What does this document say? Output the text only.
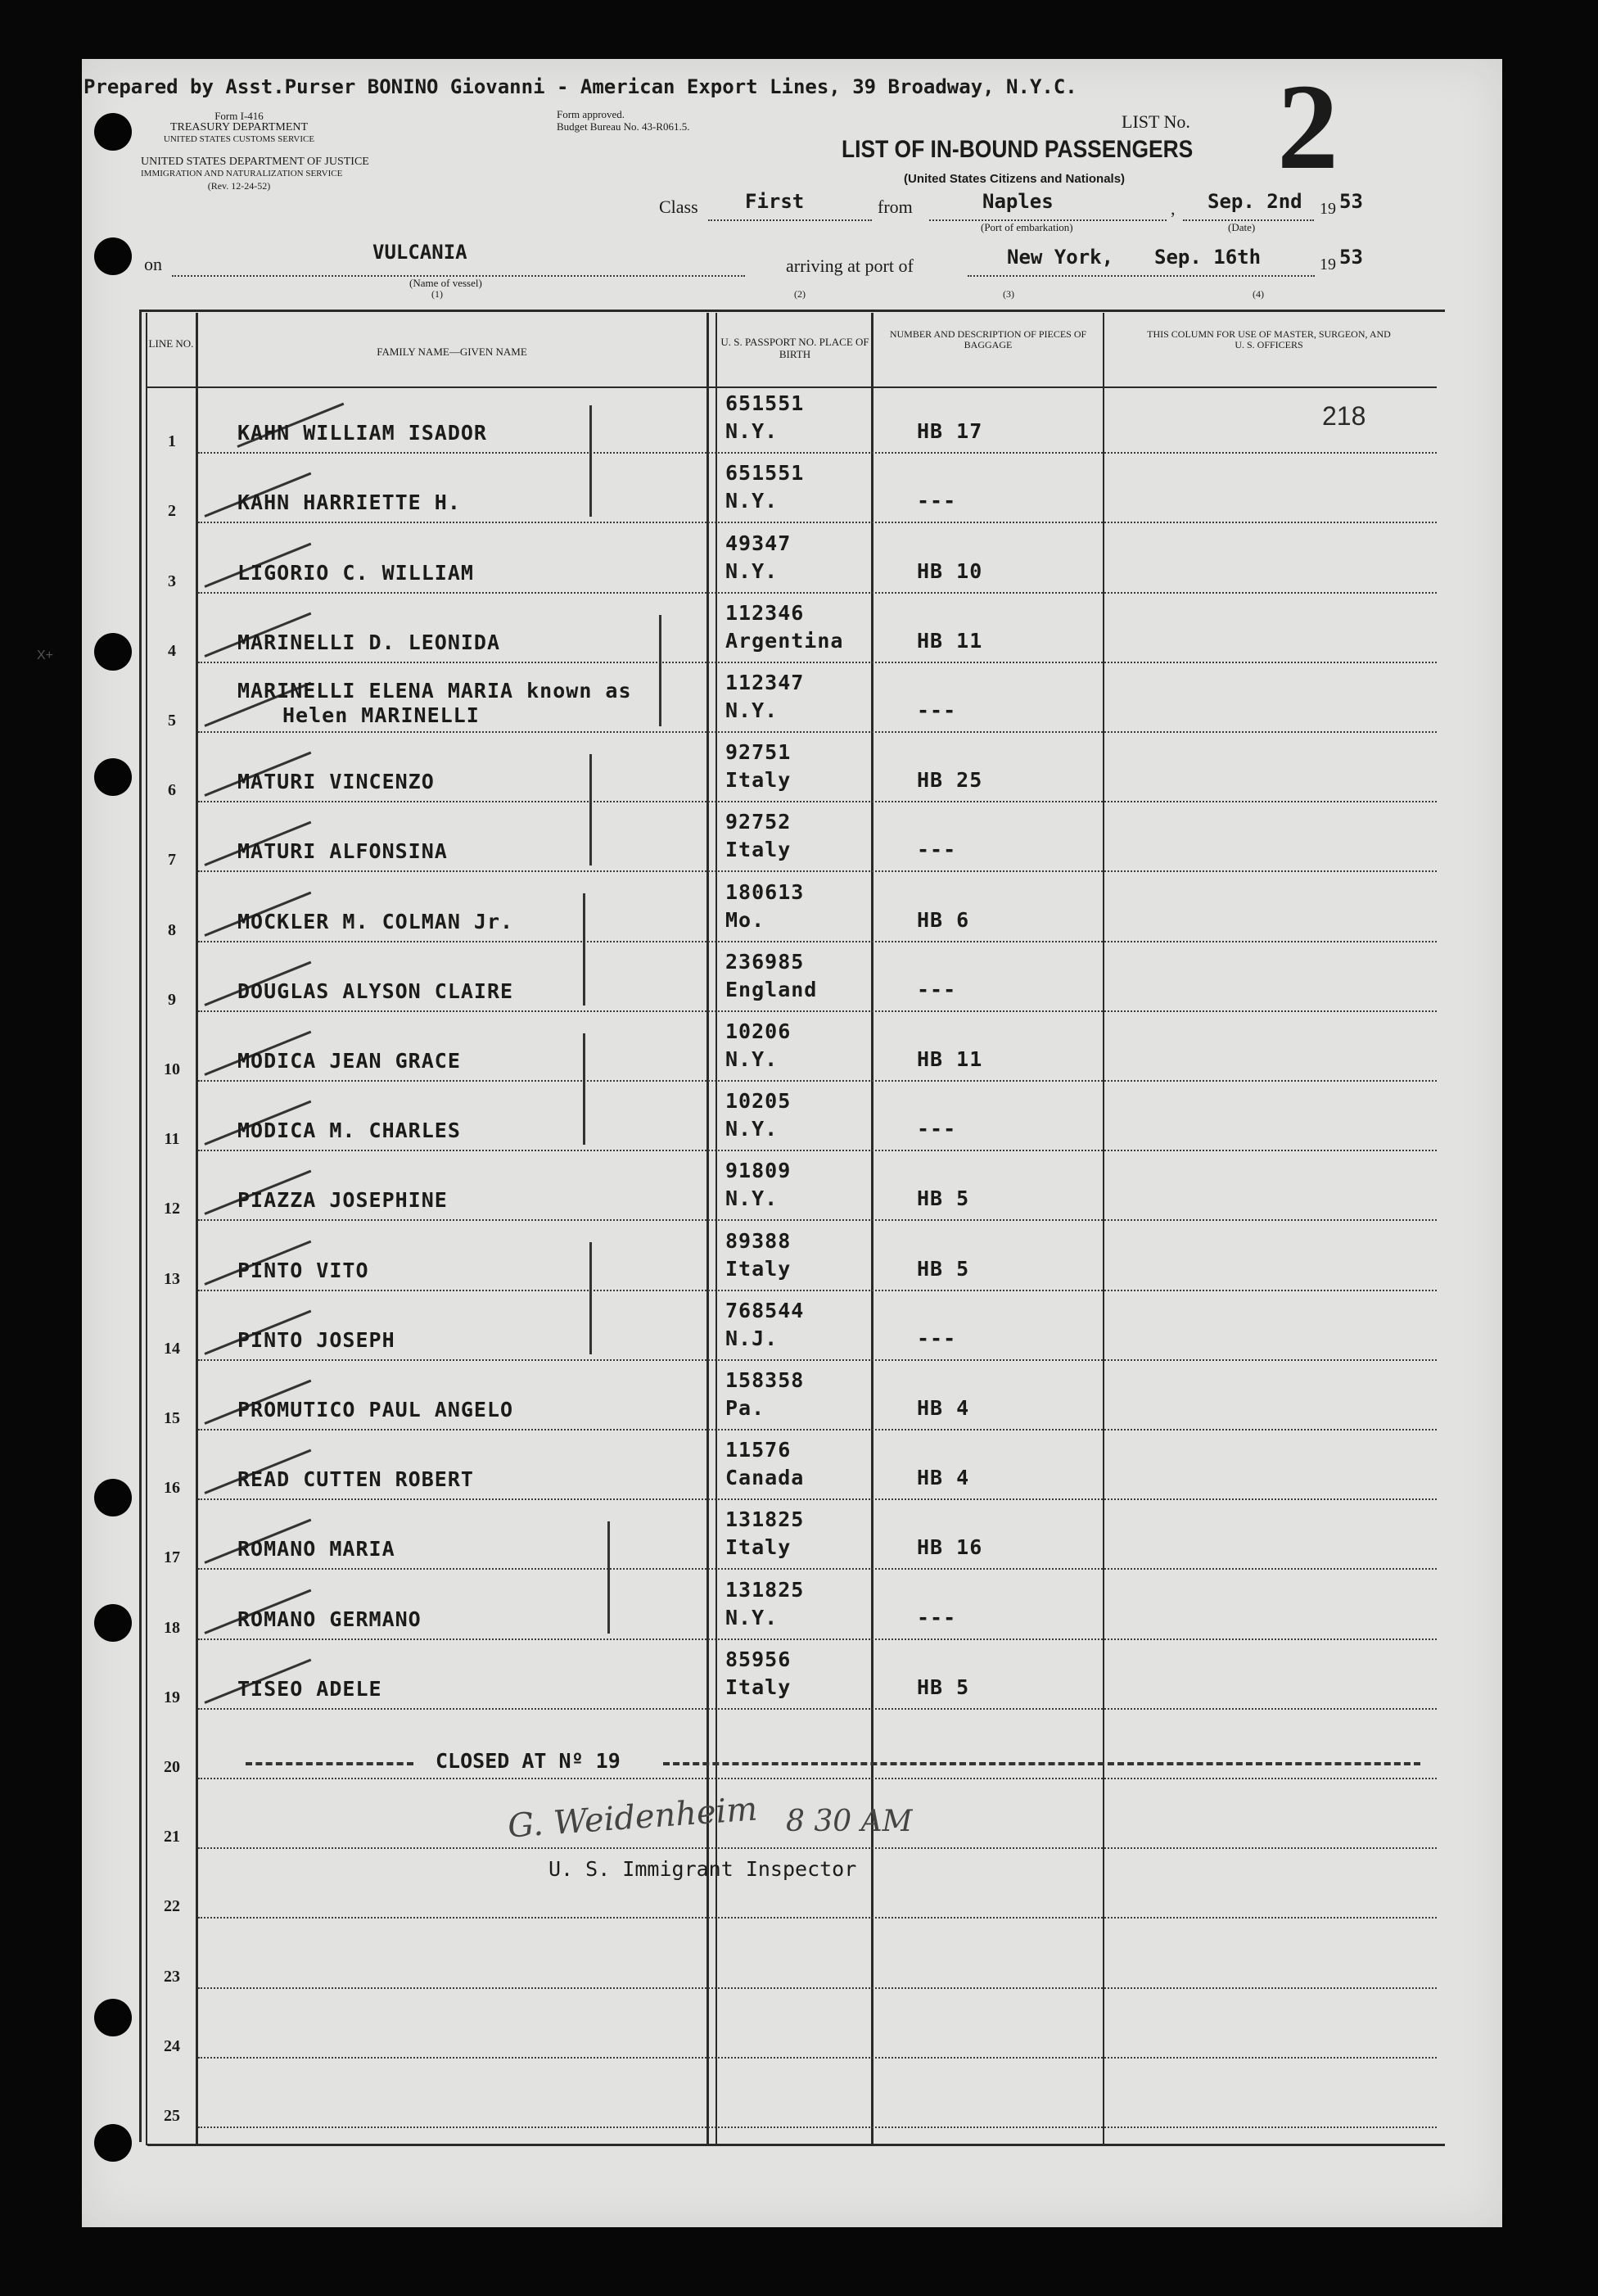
Prepared by Asst.Purser BONINO Giovanni - American Export Lines, 39 Broadway, N.Y.C.
Form I-416
TREASURY DEPARTMENT
UNITED STATES CUSTOMS SERVICE
UNITED STATES DEPARTMENT OF JUSTICE
IMMIGRATION AND NATURALIZATION SERVICE
(Rev. 12-24-52)
Form approved.
Budget Bureau No. 43-R061.5.	LIST No. 2
LIST OF IN-BOUND PASSENGERS
(United States Citizens and Nationals)
Class First	from	Naples
(Port of embarkation)
, Sep. 2nd
(Date)
19 53
on
VULCANIA
(Name of vessel)
(1)
arriving at port of	New York, Sep. 16th	19 53
(2)	(3)	(4)
X+
LINE NO.
FAMILY NAME—GIVEN NAME
U. S. PASSPORT NO. PLACE OF BIRTH
NUMBER AND DESCRIPTION OF PIECES OF BAGGAGE
THIS COLUMN FOR USE OF MASTER, SURGEON, AND U. S. OFFICERS
218
1	KAHN WILLIAM ISADOR
651551
N.Y.	HB 17
2	KAHN HARRIETTE H.
651551
N.Y.	---
3	LIGORIO C. WILLIAM
49347
N.Y.	HB 10
4	MARINELLI D. LEONIDA
112346
Argentina	HB 11
5
MARINELLI ELENA MARIA known as
Helen MARINELLI
112347
N.Y.	---
6	MATURI VINCENZO
92751
Italy	HB 25
7	MATURI ALFONSINA
92752
Italy	---
8	MOCKLER M. COLMAN Jr.
180613
Mo.	HB 6
9	DOUGLAS ALYSON CLAIRE
236985
England	---
10	MODICA JEAN GRACE
10206
N.Y.	HB 11
11	MODICA M. CHARLES
10205
N.Y.	---
12	PIAZZA JOSEPHINE
91809
N.Y.	HB 5
13	PINTO VITO
89388
Italy	HB 5
14	PINTO JOSEPH
768544
N.J.	---
15	PROMUTICO PAUL ANGELO
158358
Pa.	HB 4
16	READ CUTTEN ROBERT
11576
Canada	HB 4
17	ROMANO MARIA
131825
Italy	HB 16
18	ROMANO GERMANO
131825
N.Y.	---
19	TISEO ADELE
85956
Italy	HB 5
20
21
22
23
24
25
CLOSED AT Nº 19
G. Weidenheim 8 30 AM
U. S. Immigrant Inspector
